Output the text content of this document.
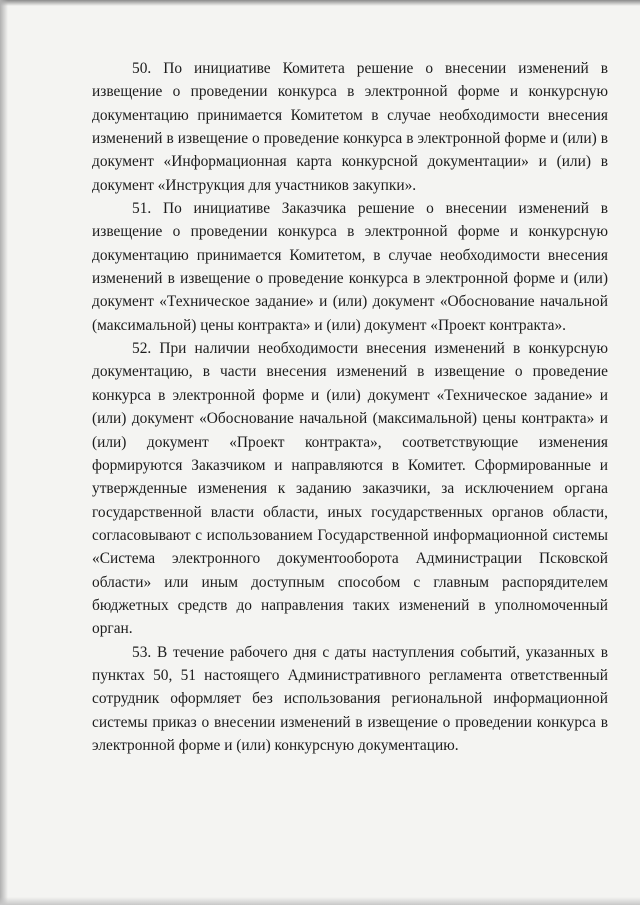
50. По инициативе Комитета решение о внесении изменений в извещение о проведении конкурса в электронной форме и конкурсную документацию принимается Комитетом в случае необходимости внесения изменений в извещение о проведение конкурса в электронной форме и (или) в документ «Информационная карта конкурсной документации» и (или) в документ «Инструкция для участников закупки».

51. По инициативе Заказчика решение о внесении изменений в извещение о проведении конкурса в электронной форме и конкурсную документацию принимается Комитетом, в случае необходимости внесения изменений в извещение о проведение конкурса в электронной форме и (или) документ «Техническое задание» и (или) документ «Обоснование начальной (максимальной) цены контракта» и (или) документ «Проект контракта».

52. При наличии необходимости внесения изменений в конкурсную документацию, в части внесения изменений в извещение о проведение конкурса в электронной форме и (или) документ «Техническое задание» и (или) документ «Обоснование начальной (максимальной) цены контракта» и (или) документ «Проект контракта», соответствующие изменения формируются Заказчиком и направляются в Комитет. Сформированные и утвержденные изменения к заданию заказчики, за исключением органа государственной власти области, иных государственных органов области, согласовывают с использованием Государственной информационной системы «Система электронного документооборота Администрации Псковской области» или иным доступным способом с главным распорядителем бюджетных средств до направления таких изменений в уполномоченный орган.

53. В течение рабочего дня с даты наступления событий, указанных в пунктах 50, 51 настоящего Административного регламента ответственный сотрудник оформляет без использования региональной информационной системы приказ о внесении изменений в извещение о проведении конкурса в электронной форме и (или) конкурсную документацию.
